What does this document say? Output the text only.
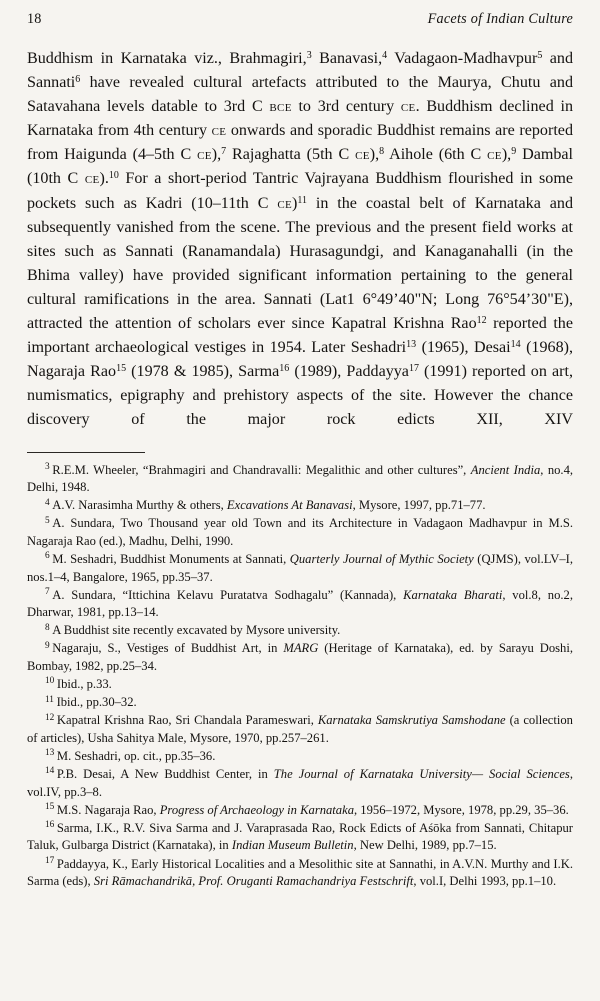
18	Facets of Indian Culture

Buddhism in Karnataka viz., Brahmagiri,$^3$ Banavasi,$^4$ Vadagaon-Madhavpur$^5$ and Sannati$^6$ have revealed cultural artefacts attributed to the Maurya, Chutu and Satavahana levels datable to 3rd C bce to 3rd century ce. Buddhism declined in Karnataka from 4th century ce onwards and sporadic Buddhist remains are reported from Haigunda (4–5th C ce),$^7$ Rajaghatta (5th C ce),$^8$ Aihole (6th C ce),$^9$ Dambal (10th C ce).$^{10}$ For a short-period Tantric Vajrayana Buddhism flourished in some pockets such as Kadri (10–11th C ce)$^{11}$ in the coastal belt of Karnataka and subsequently vanished from the scene. The previous and the present field works at sites such as Sannati (Ranamandala) Hurasagundgi, and Kanaganahalli (in the Bhima valley) have provided significant information pertaining to the general cultural ramifications in the area. Sannati (Lat1 6°49’40"N; Long 76°54’30"E), attracted the attention of scholars ever since Kapatral Krishna Rao$^{12}$ reported the important archaeological vestiges in 1954. Later Seshadri$^{13}$ (1965), Desai$^{14}$ (1968), Nagaraja Rao$^{15}$ (1978 & 1985), Sarma$^{16}$ (1989), Paddayya$^{17}$ (1991) reported on art, numismatics, epigraphy and prehistory aspects of the site. However the chance discovery of the major rock edicts XII, XIV

$^3$ R.E.M. Wheeler, “Brahmagiri and Chandravalli: Megalithic and other cultures”, Ancient India, no.4, Delhi, 1948.

$^4$ A.V. Narasimha Murthy & others, Excavations At Banavasi, Mysore, 1997, pp.71–77.

$^5$ A. Sundara, Two Thousand year old Town and its Architecture in Vadagaon Madhavpur in M.S. Nagaraja Rao (ed.), Madhu, Delhi, 1990.

$^6$ M. Seshadri, Buddhist Monuments at Sannati, Quarterly Journal of Mythic Society (QJMS), vol.LV–I, nos.1–4, Bangalore, 1965, pp.35–37.

$^7$ A. Sundara, “Ittichina Kelavu Puratatva Sodhagalu” (Kannada), Karnataka Bharati, vol.8, no.2, Dharwar, 1981, pp.13–14.

$^8$ A Buddhist site recently excavated by Mysore university.

$^9$ Nagaraju, S., Vestiges of Buddhist Art, in MARG (Heritage of Karnataka), ed. by Sarayu Doshi, Bombay, 1982, pp.25–34.

$^{10}$ Ibid., p.33.

$^{11}$ Ibid., pp.30–32.

$^{12}$ Kapatral Krishna Rao, Sri Chandala Parameswari, Karnataka Samskrutiya Samshodane (a collection of articles), Usha Sahitya Male, Mysore, 1970, pp.257–261.

$^{13}$ M. Seshadri, op. cit., pp.35–36.

$^{14}$ P.B. Desai, A New Buddhist Center, in The Journal of Karnataka University— Social Sciences, vol.IV, pp.3–8.

$^{15}$ M.S. Nagaraja Rao, Progress of Archaeology in Karnataka, 1956–1972, Mysore, 1978, pp.29, 35–36.

$^{16}$ Sarma, I.K., R.V. Siva Sarma and J. Varaprasada Rao, Rock Edicts of Aśōka from Sannati, Chitapur Taluk, Gulbarga District (Karnataka), in Indian Museum Bulletin, New Delhi, 1989, pp.7–15.

$^{17}$ Paddayya, K., Early Historical Localities and a Mesolithic site at Sannathi, in A.V.N. Murthy and I.K. Sarma (eds), Sri Rāmachandrikā, Prof. Oruganti Ramachandriya Festschrift, vol.I, Delhi 1993, pp.1–10.
